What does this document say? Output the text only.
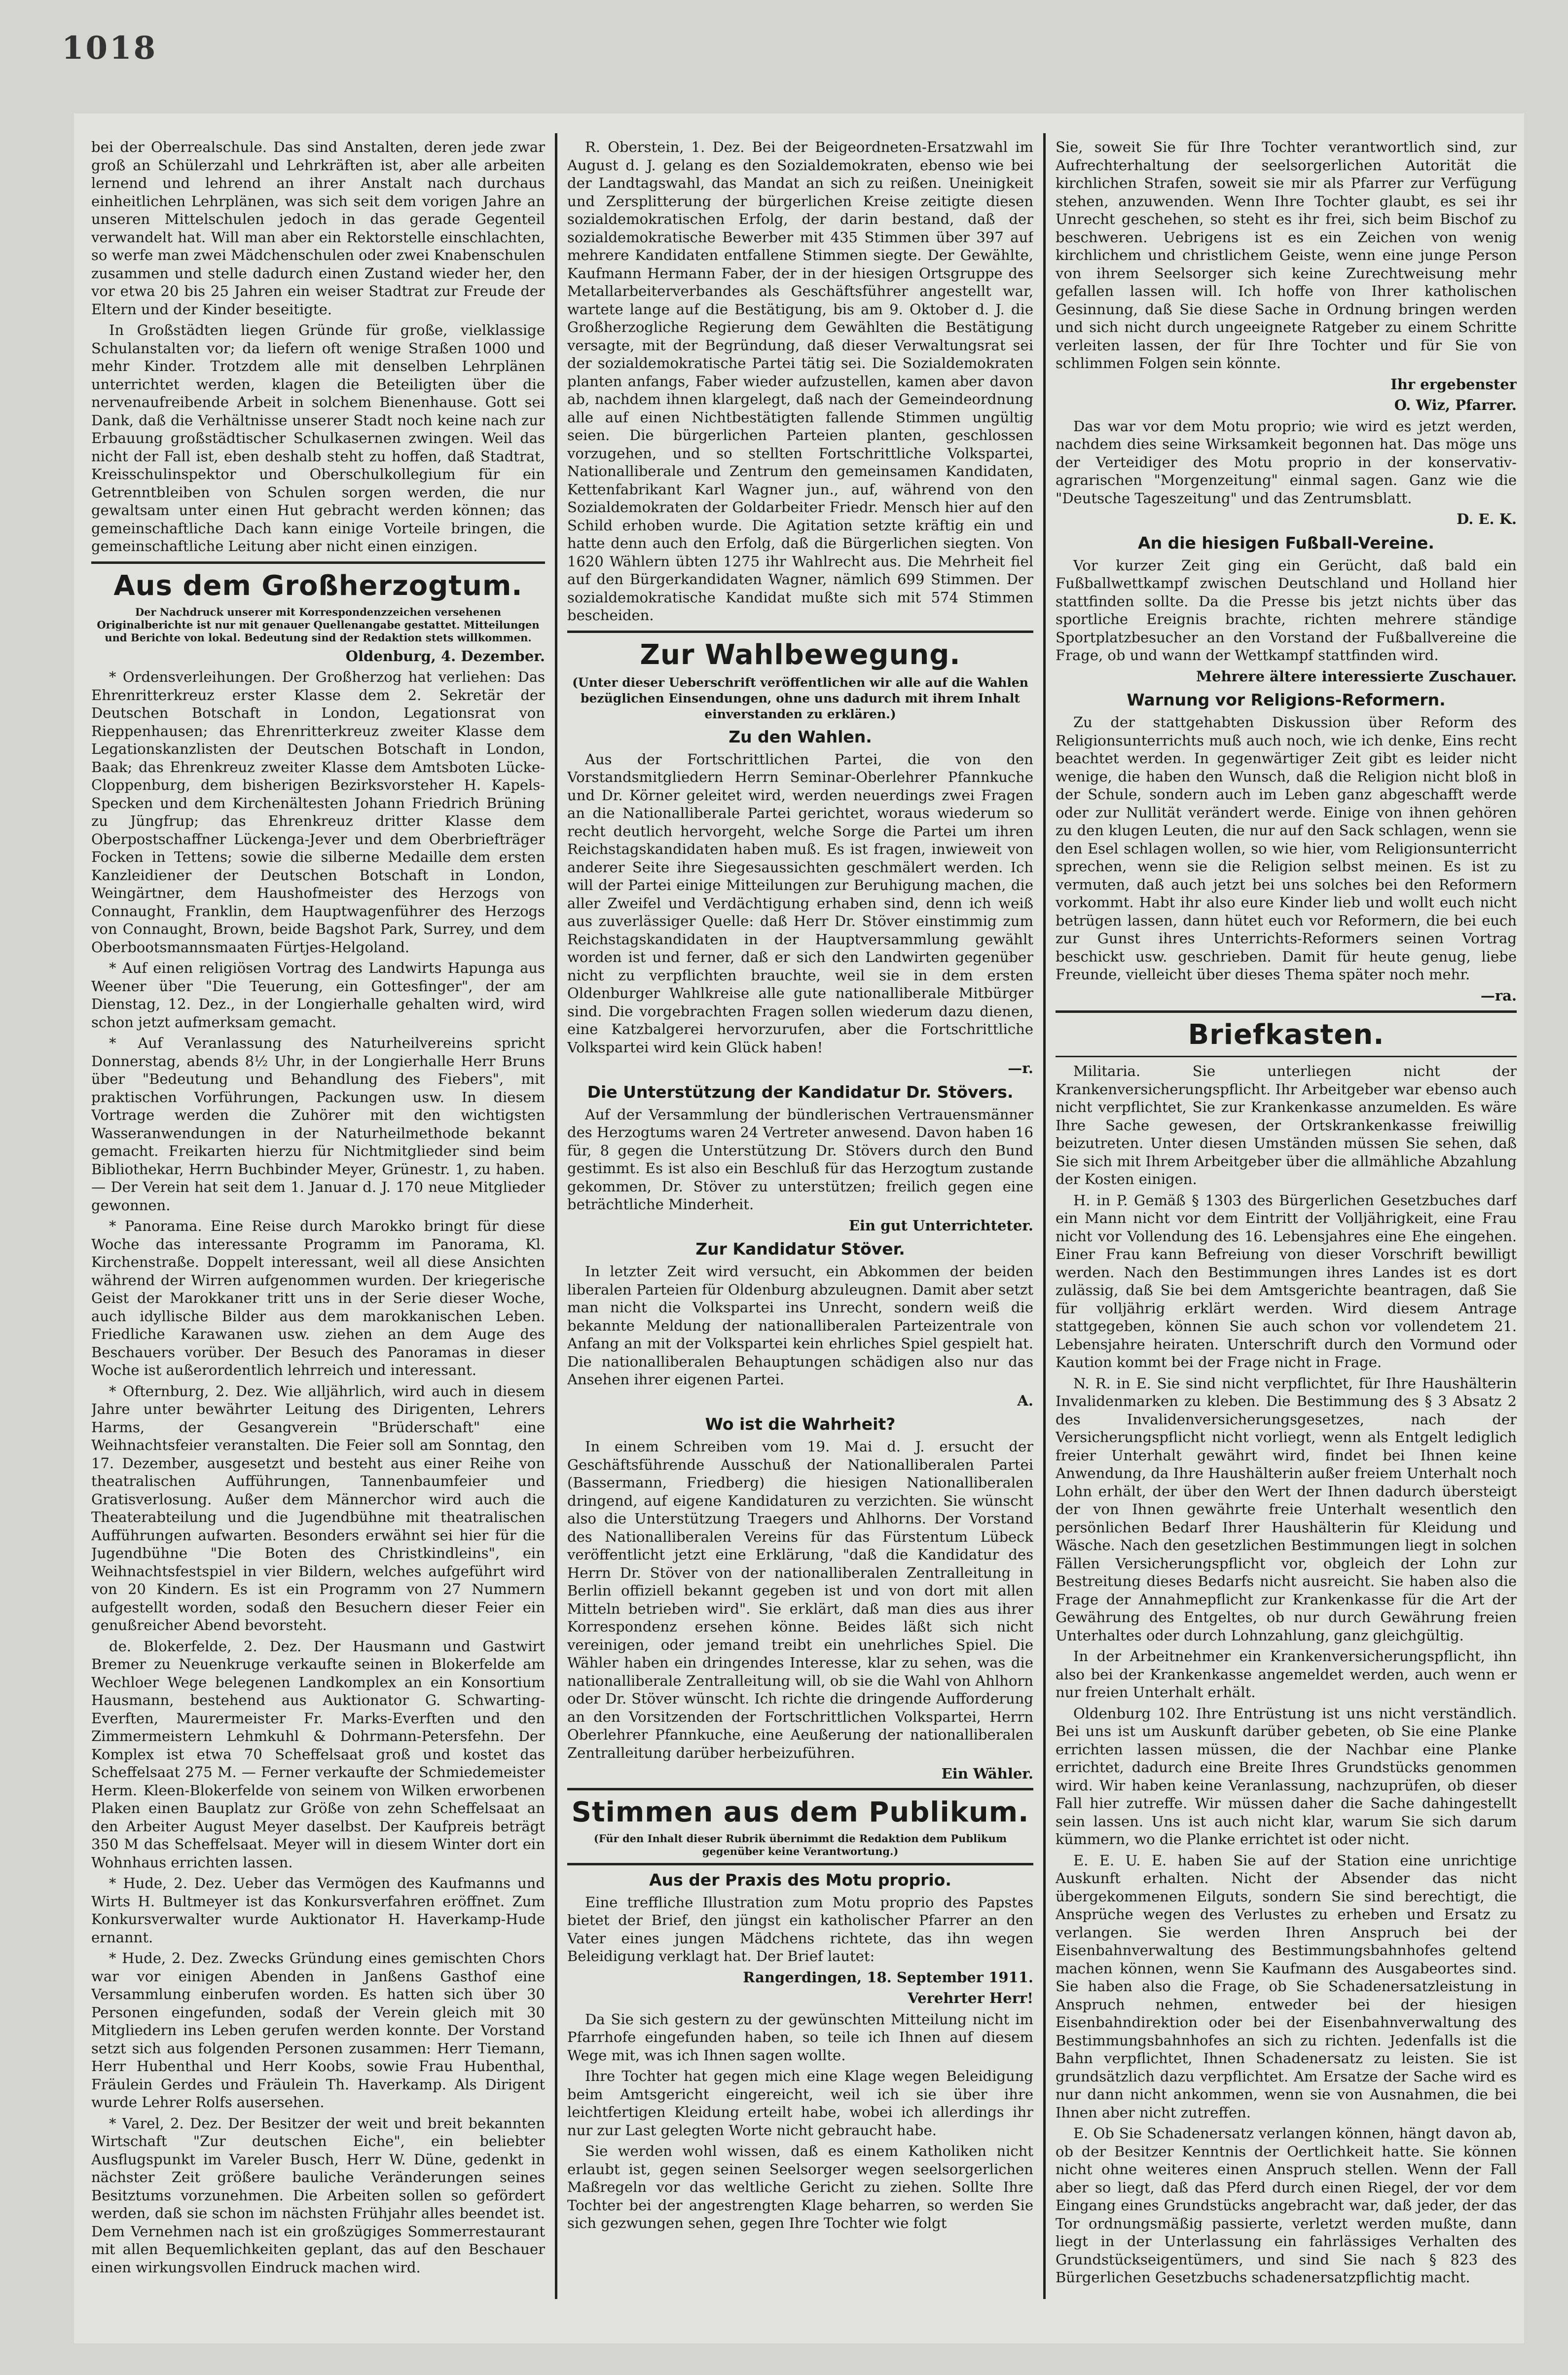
1018

bei der Oberrealschule. Das sind Anstalten, deren jede zwar groß an Schülerzahl und Lehrkräften ist, aber alle arbeiten lernend und lehrend an ihrer Anstalt nach durchaus einheitlichen Lehrplänen, was sich seit dem vorigen Jahre an unseren Mittelschulen jedoch in das gerade Gegenteil verwandelt hat. Will man aber ein Rektorstelle einschlachten, so werfe man zwei Mädchenschulen oder zwei Knabenschulen zusammen und stelle dadurch einen Zustand wieder her, den vor etwa 20 bis 25 Jahren ein weiser Stadtrat zur Freude der Eltern und der Kinder beseitigte.

In Großstädten liegen Gründe für große, vielklassige Schulanstalten vor; da liefern oft wenige Straßen 1000 und mehr Kinder. Trotzdem alle mit denselben Lehrplänen unterrichtet werden, klagen die Beteiligten über die nervenaufreibende Arbeit in solchem Bienenhause. Gott sei Dank, daß die Verhältnisse unserer Stadt noch keine nach zur Erbauung großstädtischer Schulkasernen zwingen. Weil das nicht der Fall ist, eben deshalb steht zu hoffen, daß Stadtrat, Kreisschulinspektor und Oberschulkollegium für ein Getrenntbleiben von Schulen sorgen werden, die nur gewaltsam unter einen Hut gebracht werden können; das gemeinschaftliche Dach kann einige Vorteile bringen, die gemeinschaftliche Leitung aber nicht einen einzigen.

Aus dem Großherzogtum.

Der Nachdruck unserer mit Korrespondenzzeichen versehenen Originalberichte ist nur mit genauer Quellenangabe gestattet. Mitteilungen und Berichte von lokal. Bedeutung sind der Redaktion stets willkommen.

Oldenburg, 4. Dezember.

* Ordensverleihungen. Der Großherzog hat verliehen: Das Ehrenritterkreuz erster Klasse dem 2. Sekretär der Deutschen Botschaft in London, Legationsrat von Rieppenhausen; das Ehrenritterkreuz zweiter Klasse dem Legationskanzlisten der Deutschen Botschaft in London, Baak; das Ehrenkreuz zweiter Klasse dem Amtsboten Lücke-Cloppenburg, dem bisherigen Bezirksvorsteher H. Kapels-Specken und dem Kirchenältesten Johann Friedrich Brüning zu Jüngfrup; das Ehrenkreuz dritter Klasse dem Oberpostschaffner Lückenga-Jever und dem Oberbriefträger Focken in Tettens; sowie die silberne Medaille dem ersten Kanzleidiener der Deutschen Botschaft in London, Weingärtner, dem Haushofmeister des Herzogs von Connaught, Franklin, dem Hauptwagenführer des Herzogs von Connaught, Brown, beide Bagshot Park, Surrey, und dem Oberbootsmannsmaaten Fürtjes-Helgoland.

* Auf einen religiösen Vortrag des Landwirts Hapunga aus Weener über "Die Teuerung, ein Gottesfinger", der am Dienstag, 12. Dez., in der Longierhalle gehalten wird, wird schon jetzt aufmerksam gemacht.

* Auf Veranlassung des Naturheilvereins spricht Donnerstag, abends 8½ Uhr, in der Longierhalle Herr Bruns über "Bedeutung und Behandlung des Fiebers", mit praktischen Vorführungen, Packungen usw. In diesem Vortrage werden die Zuhörer mit den wichtigsten Wasseranwendungen in der Naturheilmethode bekannt gemacht. Freikarten hierzu für Nichtmitglieder sind beim Bibliothekar, Herrn Buchbinder Meyer, Grünestr. 1, zu haben. — Der Verein hat seit dem 1. Januar d. J. 170 neue Mitglieder gewonnen.

* Panorama. Eine Reise durch Marokko bringt für diese Woche das interessante Programm im Panorama, Kl. Kirchenstraße. Doppelt interessant, weil all diese Ansichten während der Wirren aufgenommen wurden. Der kriegerische Geist der Marokkaner tritt uns in der Serie dieser Woche, auch idyllische Bilder aus dem marokkanischen Leben. Friedliche Karawanen usw. ziehen an dem Auge des Beschauers vorüber. Der Besuch des Panoramas in dieser Woche ist außerordentlich lehrreich und interessant.

* Ofternburg, 2. Dez. Wie alljährlich, wird auch in diesem Jahre unter bewährter Leitung des Dirigenten, Lehrers Harms, der Gesangverein "Brüderschaft" eine Weihnachtsfeier veranstalten. Die Feier soll am Sonntag, den 17. Dezember, ausgesetzt und besteht aus einer Reihe von theatralischen Aufführungen, Tannenbaumfeier und Gratisverlosung. Außer dem Männerchor wird auch die Theaterabteilung und die Jugendbühne mit theatralischen Aufführungen aufwarten. Besonders erwähnt sei hier für die Jugendbühne "Die Boten des Christkindleins", ein Weihnachtsfestspiel in vier Bildern, welches aufgeführt wird von 20 Kindern. Es ist ein Programm von 27 Nummern aufgestellt worden, sodaß den Besuchern dieser Feier ein genußreicher Abend bevorsteht.

de. Blokerfelde, 2. Dez. Der Hausmann und Gastwirt Bremer zu Neuenkruge verkaufte seinen in Blokerfelde am Wechloer Wege belegenen Landkomplex an ein Konsortium Hausmann, bestehend aus Auktionator G. Schwarting-Everften, Maurermeister Fr. Marks-Everften und den Zimmermeistern Lehmkuhl & Dohrmann-Petersfehn. Der Komplex ist etwa 70 Scheffelsaat groß und kostet das Scheffelsaat 275 M. — Ferner verkaufte der Schmiedemeister Herm. Kleen-Blokerfelde von seinem von Wilken erworbenen Plaken einen Bauplatz zur Größe von zehn Scheffelsaat an den Arbeiter August Meyer daselbst. Der Kaufpreis beträgt 350 M das Scheffelsaat. Meyer will in diesem Winter dort ein Wohnhaus errichten lassen.

* Hude, 2. Dez. Ueber das Vermögen des Kaufmanns und Wirts H. Bultmeyer ist das Konkursverfahren eröffnet. Zum Konkursverwalter wurde Auktionator H. Haverkamp-Hude ernannt.

* Hude, 2. Dez. Zwecks Gründung eines gemischten Chors war vor einigen Abenden in Janßens Gasthof eine Versammlung einberufen worden. Es hatten sich über 30 Personen eingefunden, sodaß der Verein gleich mit 30 Mitgliedern ins Leben gerufen werden konnte. Der Vorstand setzt sich aus folgenden Personen zusammen: Herr Tiemann, Herr Hubenthal und Herr Koobs, sowie Frau Hubenthal, Fräulein Gerdes und Fräulein Th. Haverkamp. Als Dirigent wurde Lehrer Rolfs ausersehen.

* Varel, 2. Dez. Der Besitzer der weit und breit bekannten Wirtschaft "Zur deutschen Eiche", ein beliebter Ausflugspunkt im Vareler Busch, Herr W. Düne, gedenkt in nächster Zeit größere bauliche Veränderungen seines Besitztums vorzunehmen. Die Arbeiten sollen so gefördert werden, daß sie schon im nächsten Frühjahr alles beendet ist. Dem Vernehmen nach ist ein großzügiges Sommerrestaurant mit allen Bequemlichkeiten geplant, das auf den Beschauer einen wirkungsvollen Eindruck machen wird.

R. Oberstein, 1. Dez. Bei der Beigeordneten-Ersatzwahl im August d. J. gelang es den Sozialdemokraten, ebenso wie bei der Landtagswahl, das Mandat an sich zu reißen. Uneinigkeit und Zersplitterung der bürgerlichen Kreise zeitigte diesen sozialdemokratischen Erfolg, der darin bestand, daß der sozialdemokratische Bewerber mit 435 Stimmen über 397 auf mehrere Kandidaten entfallene Stimmen siegte. Der Gewählte, Kaufmann Hermann Faber, der in der hiesigen Ortsgruppe des Metallarbeiterverbandes als Geschäftsführer angestellt war, wartete lange auf die Bestätigung, bis am 9. Oktober d. J. die Großherzogliche Regierung dem Gewählten die Bestätigung versagte, mit der Begründung, daß dieser Verwaltungsrat sei der sozialdemokratische Partei tätig sei. Die Sozialdemokraten planten anfangs, Faber wieder aufzustellen, kamen aber davon ab, nachdem ihnen klargelegt, daß nach der Gemeindeordnung alle auf einen Nichtbestätigten fallende Stimmen ungültig seien. Die bürgerlichen Parteien planten, geschlossen vorzugehen, und so stellten Fortschrittliche Volkspartei, Nationalliberale und Zentrum den gemeinsamen Kandidaten, Kettenfabrikant Karl Wagner jun., auf, während von den Sozialdemokraten der Goldarbeiter Friedr. Mensch hier auf den Schild erhoben wurde. Die Agitation setzte kräftig ein und hatte denn auch den Erfolg, daß die Bürgerlichen siegten. Von 1620 Wählern übten 1275 ihr Wahlrecht aus. Die Mehrheit fiel auf den Bürgerkandidaten Wagner, nämlich 699 Stimmen. Der sozialdemokratische Kandidat mußte sich mit 574 Stimmen bescheiden.

Zur Wahlbewegung.

(Unter dieser Ueberschrift veröffentlichen wir alle auf die Wahlen bezüglichen Einsendungen, ohne uns dadurch mit ihrem Inhalt einverstanden zu erklären.)

Zu den Wahlen.

Aus der Fortschrittlichen Partei, die von den Vorstandsmitgliedern Herrn Seminar-Oberlehrer Pfannkuche und Dr. Körner geleitet wird, werden neuerdings zwei Fragen an die Nationalliberale Partei gerichtet, woraus wiederum so recht deutlich hervorgeht, welche Sorge die Partei um ihren Reichstagskandidaten haben muß. Es ist fragen, inwieweit von anderer Seite ihre Siegesaussichten geschmälert werden. Ich will der Partei einige Mitteilungen zur Beruhigung machen, die aller Zweifel und Verdächtigung erhaben sind, denn ich weiß aus zuverlässiger Quelle: daß Herr Dr. Stöver einstimmig zum Reichstagskandidaten in der Hauptversammlung gewählt worden ist und ferner, daß er sich den Landwirten gegenüber nicht zu verpflichten brauchte, weil sie in dem ersten Oldenburger Wahlkreise alle gute nationalliberale Mitbürger sind. Die vorgebrachten Fragen sollen wiederum dazu dienen, eine Katzbalgerei hervorzurufen, aber die Fortschrittliche Volkspartei wird kein Glück haben!

—r.

Die Unterstützung der Kandidatur Dr. Stövers.

Auf der Versammlung der bündlerischen Vertrauensmänner des Herzogtums waren 24 Vertreter anwesend. Davon haben 16 für, 8 gegen die Unterstützung Dr. Stövers durch den Bund gestimmt. Es ist also ein Beschluß für das Herzogtum zustande gekommen, Dr. Stöver zu unterstützen; freilich gegen eine beträchtliche Minderheit.

Ein gut Unterrichteter.

Zur Kandidatur Stöver.

In letzter Zeit wird versucht, ein Abkommen der beiden liberalen Parteien für Oldenburg abzuleugnen. Damit aber setzt man nicht die Volkspartei ins Unrecht, sondern weiß die bekannte Meldung der nationalliberalen Parteizentrale von Anfang an mit der Volkspartei kein ehrliches Spiel gespielt hat. Die nationalliberalen Behauptungen schädigen also nur das Ansehen ihrer eigenen Partei.

A.

Wo ist die Wahrheit?

In einem Schreiben vom 19. Mai d. J. ersucht der Geschäftsführende Ausschuß der Nationalliberalen Partei (Bassermann, Friedberg) die hiesigen Nationalliberalen dringend, auf eigene Kandidaturen zu verzichten. Sie wünscht also die Unterstützung Traegers und Ahlhorns. Der Vorstand des Nationalliberalen Vereins für das Fürstentum Lübeck veröffentlicht jetzt eine Erklärung, "daß die Kandidatur des Herrn Dr. Stöver von der nationalliberalen Zentralleitung in Berlin offiziell bekannt gegeben ist und von dort mit allen Mitteln betrieben wird". Sie erklärt, daß man dies aus ihrer Korrespondenz ersehen könne. Beides läßt sich nicht vereinigen, oder jemand treibt ein unehrliches Spiel. Die Wähler haben ein dringendes Interesse, klar zu sehen, was die nationalliberale Zentralleitung will, ob sie die Wahl von Ahlhorn oder Dr. Stöver wünscht. Ich richte die dringende Aufforderung an den Vorsitzenden der Fortschrittlichen Volkspartei, Herrn Oberlehrer Pfannkuche, eine Aeußerung der nationalliberalen Zentralleitung darüber herbeizuführen.

Ein Wähler.

Stimmen aus dem Publikum.

(Für den Inhalt dieser Rubrik übernimmt die Redaktion dem Publikum gegenüber keine Verantwortung.)

Aus der Praxis des Motu proprio.

Eine treffliche Illustration zum Motu proprio des Papstes bietet der Brief, den jüngst ein katholischer Pfarrer an den Vater eines jungen Mädchens richtete, das ihn wegen Beleidigung verklagt hat. Der Brief lautet:

Rangerdingen, 18. September 1911.

Verehrter Herr!

Da Sie sich gestern zu der gewünschten Mitteilung nicht im Pfarrhofe eingefunden haben, so teile ich Ihnen auf diesem Wege mit, was ich Ihnen sagen wollte.

Ihre Tochter hat gegen mich eine Klage wegen Beleidigung beim Amtsgericht eingereicht, weil ich sie über ihre leichtfertigen Kleidung erteilt habe, wobei ich allerdings ihr nur zur Last gelegten Worte nicht gebraucht habe.

Sie werden wohl wissen, daß es einem Katholiken nicht erlaubt ist, gegen seinen Seelsorger wegen seelsorgerlichen Maßregeln vor das weltliche Gericht zu ziehen. Sollte Ihre Tochter bei der angestrengten Klage beharren, so werden Sie sich gezwungen sehen, gegen Ihre Tochter wie folgt

Sie, soweit Sie für Ihre Tochter verantwortlich sind, zur Aufrechterhaltung der seelsorgerlichen Autorität die kirchlichen Strafen, soweit sie mir als Pfarrer zur Verfügung stehen, anzuwenden. Wenn Ihre Tochter glaubt, es sei ihr Unrecht geschehen, so steht es ihr frei, sich beim Bischof zu beschweren. Uebrigens ist es ein Zeichen von wenig kirchlichem und christlichem Geiste, wenn eine junge Person von ihrem Seelsorger sich keine Zurechtweisung mehr gefallen lassen will. Ich hoffe von Ihrer katholischen Gesinnung, daß Sie diese Sache in Ordnung bringen werden und sich nicht durch ungeeignete Ratgeber zu einem Schritte verleiten lassen, der für Ihre Tochter und für Sie von schlimmen Folgen sein könnte.

Ihr ergebenster

O. Wiz, Pfarrer.

Das war vor dem Motu proprio; wie wird es jetzt werden, nachdem dies seine Wirksamkeit begonnen hat. Das möge uns der Verteidiger des Motu proprio in der konservativ-agrarischen "Morgenzeitung" einmal sagen. Ganz wie die "Deutsche Tageszeitung" und das Zentrumsblatt.

D. E. K.

An die hiesigen Fußball-Vereine.

Vor kurzer Zeit ging ein Gerücht, daß bald ein Fußballwettkampf zwischen Deutschland und Holland hier stattfinden sollte. Da die Presse bis jetzt nichts über das sportliche Ereignis brachte, richten mehrere ständige Sportplatzbesucher an den Vorstand der Fußballvereine die Frage, ob und wann der Wettkampf stattfinden wird.

Mehrere ältere interessierte Zuschauer.

Warnung vor Religions-Reformern.

Zu der stattgehabten Diskussion über Reform des Religionsunterrichts muß auch noch, wie ich denke, Eins recht beachtet werden. In gegenwärtiger Zeit gibt es leider nicht wenige, die haben den Wunsch, daß die Religion nicht bloß in der Schule, sondern auch im Leben ganz abgeschafft werde oder zur Nullität verändert werde. Einige von ihnen gehören zu den klugen Leuten, die nur auf den Sack schlagen, wenn sie den Esel schlagen wollen, so wie hier, vom Religionsunterricht sprechen, wenn sie die Religion selbst meinen. Es ist zu vermuten, daß auch jetzt bei uns solches bei den Reformern vorkommt. Habt ihr also eure Kinder lieb und wollt euch nicht betrügen lassen, dann hütet euch vor Reformern, die bei euch zur Gunst ihres Unterrichts-Reformers seinen Vortrag beschickt usw. geschrieben. Damit für heute genug, liebe Freunde, vielleicht über dieses Thema später noch mehr.

—ra.

Briefkasten.

Militaria. Sie unterliegen nicht der Krankenversicherungspflicht. Ihr Arbeitgeber war ebenso auch nicht verpflichtet, Sie zur Krankenkasse anzumelden. Es wäre Ihre Sache gewesen, der Ortskrankenkasse freiwillig beizutreten. Unter diesen Umständen müssen Sie sehen, daß Sie sich mit Ihrem Arbeitgeber über die allmähliche Abzahlung der Kosten einigen.

H. in P. Gemäß § 1303 des Bürgerlichen Gesetzbuches darf ein Mann nicht vor dem Eintritt der Volljährigkeit, eine Frau nicht vor Vollendung des 16. Lebensjahres eine Ehe eingehen. Einer Frau kann Befreiung von dieser Vorschrift bewilligt werden. Nach den Bestimmungen ihres Landes ist es dort zulässig, daß Sie bei dem Amtsgerichte beantragen, daß Sie für volljährig erklärt werden. Wird diesem Antrage stattgegeben, können Sie auch schon vor vollendetem 21. Lebensjahre heiraten. Unterschrift durch den Vormund oder Kaution kommt bei der Frage nicht in Frage.

N. R. in E. Sie sind nicht verpflichtet, für Ihre Haushälterin Invalidenmarken zu kleben. Die Bestimmung des § 3 Absatz 2 des Invalidenversicherungsgesetzes, nach der Versicherungspflicht nicht vorliegt, wenn als Entgelt lediglich freier Unterhalt gewährt wird, findet bei Ihnen keine Anwendung, da Ihre Haushälterin außer freiem Unterhalt noch Lohn erhält, der über den Wert der Ihnen dadurch übersteigt der von Ihnen gewährte freie Unterhalt wesentlich den persönlichen Bedarf Ihrer Haushälterin für Kleidung und Wäsche. Nach den gesetzlichen Bestimmungen liegt in solchen Fällen Versicherungspflicht vor, obgleich der Lohn zur Bestreitung dieses Bedarfs nicht ausreicht. Sie haben also die Frage der Annahmepflicht zur Krankenkasse für die Art der Gewährung des Entgeltes, ob nur durch Gewährung freien Unterhaltes oder durch Lohnzahlung, ganz gleichgültig.

In der Arbeitnehmer ein Krankenversicherungspflicht, ihn also bei der Krankenkasse angemeldet werden, auch wenn er nur freien Unterhalt erhält.

Oldenburg 102. Ihre Entrüstung ist uns nicht verständlich. Bei uns ist um Auskunft darüber gebeten, ob Sie eine Planke errichten lassen müssen, die der Nachbar eine Planke errichtet, dadurch eine Breite Ihres Grundstücks genommen wird. Wir haben keine Veranlassung, nachzuprüfen, ob dieser Fall hier zutreffe. Wir müssen daher die Sache dahingestellt sein lassen. Uns ist auch nicht klar, warum Sie sich darum kümmern, wo die Planke errichtet ist oder nicht.

E. E. U. E. haben Sie auf der Station eine unrichtige Auskunft erhalten. Nicht der Absender das nicht übergekommenen Eilguts, sondern Sie sind berechtigt, die Ansprüche wegen des Verlustes zu erheben und Ersatz zu verlangen. Sie werden Ihren Anspruch bei der Eisenbahnverwaltung des Bestimmungsbahnhofes geltend machen können, wenn Sie Kaufmann des Ausgabeortes sind. Sie haben also die Frage, ob Sie Schadenersatzleistung in Anspruch nehmen, entweder bei der hiesigen Eisenbahndirektion oder bei der Eisenbahnverwaltung des Bestimmungsbahnhofes an sich zu richten. Jedenfalls ist die Bahn verpflichtet, Ihnen Schadenersatz zu leisten. Sie ist grundsätzlich dazu verpflichtet. Am Ersatze der Sache wird es nur dann nicht ankommen, wenn sie von Ausnahmen, die bei Ihnen aber nicht zutreffen.

E. Ob Sie Schadenersatz verlangen können, hängt davon ab, ob der Besitzer Kenntnis der Oertlichkeit hatte. Sie können nicht ohne weiteres einen Anspruch stellen. Wenn der Fall aber so liegt, daß das Pferd durch einen Riegel, der vor dem Eingang eines Grundstücks angebracht war, daß jeder, der das Tor ordnungsmäßig passierte, verletzt werden mußte, dann liegt in der Unterlassung ein fahrlässiges Verhalten des Grundstückseigentümers, und sind Sie nach § 823 des Bürgerlichen Gesetzbuchs schadenersatzpflichtig macht.
